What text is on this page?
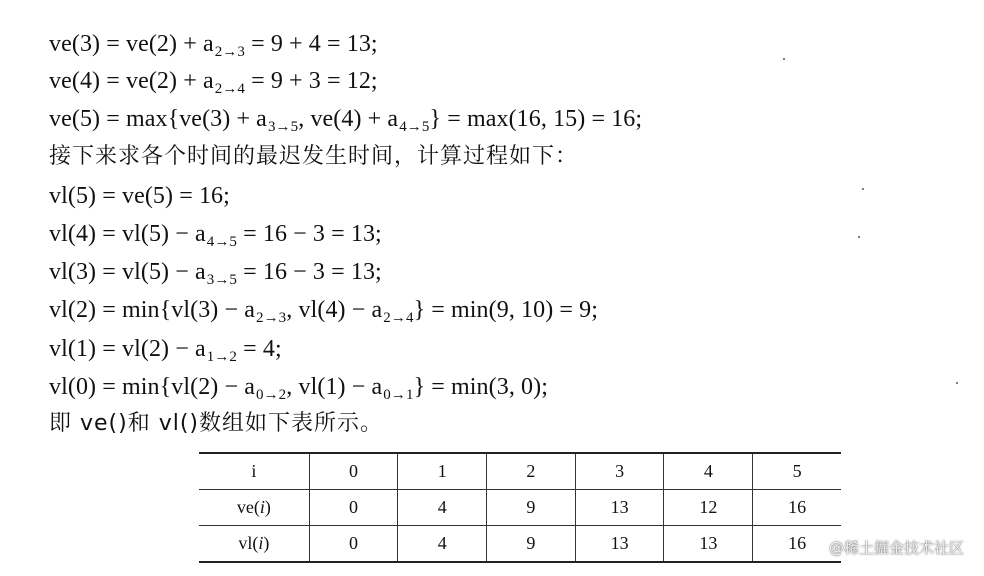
$ve(3) = ve(2) + a_{2\to 3} = 9 + 4 = 13$;
$ve(4) = ve(2) + a_{2\to 4} = 9 + 3 = 12$;
$ve(5) = \max\{ve(3) + a_{3\to 5}$, $ve(4) + a_{4\to 5}\} = \max(16$, 15) = 16;
接下来求各个时间的最迟发生时间，计算过程如下：
vl(5) = ve(5) = 16;
$vl(4) = vl(5) - a_{4\to 5} = 16 - 3 = 13$;
$vl(3) = vl(5) - a_{3\to 5} = 16 - 3 = 13$;
$vl(2) = \min\{vl(3) - a_{2\to 3}$, $vl(4) - a_{2\to 4}\} = \min(9$, 10) = 9;
$vl(1) = vl(2) - a_{1\to 2} = 4$;
$vl(0) = \min\{vl(2) - a_{0\to 2}$, $vl(1) - a_{0\to 1}\} = \min(3$, 0);
即 ve()和 vl()数组如下表所示。
i	0	1	2	3	4	5
ve(i)	0	4	9	13	12	16
vl(i)	0	4	9	13	13	16 @稀土掘金技术社区
